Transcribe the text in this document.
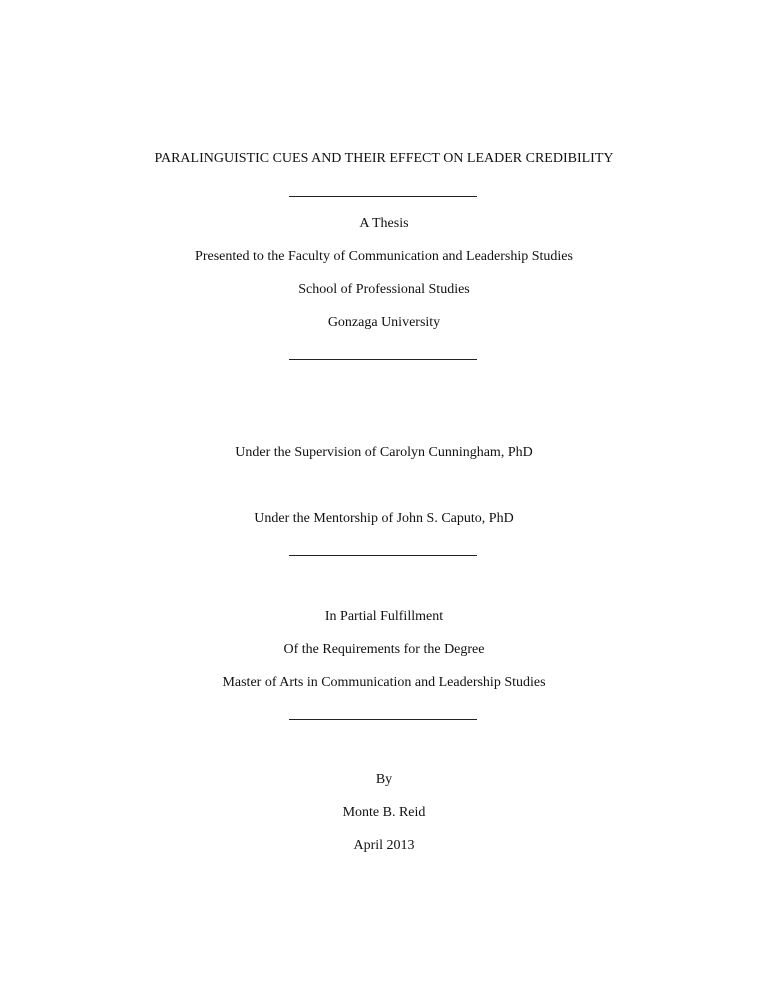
PARALINGUISTIC CUES AND THEIR EFFECT ON LEADER CREDIBILITY
A Thesis
Presented to the Faculty of Communication and Leadership Studies
School of Professional Studies
Gonzaga University
Under the Supervision of Carolyn Cunningham, PhD
Under the Mentorship of John S. Caputo, PhD
In Partial Fulfillment
Of the Requirements for the Degree
Master of Arts in Communication and Leadership Studies
By
Monte B. Reid
April 2013
